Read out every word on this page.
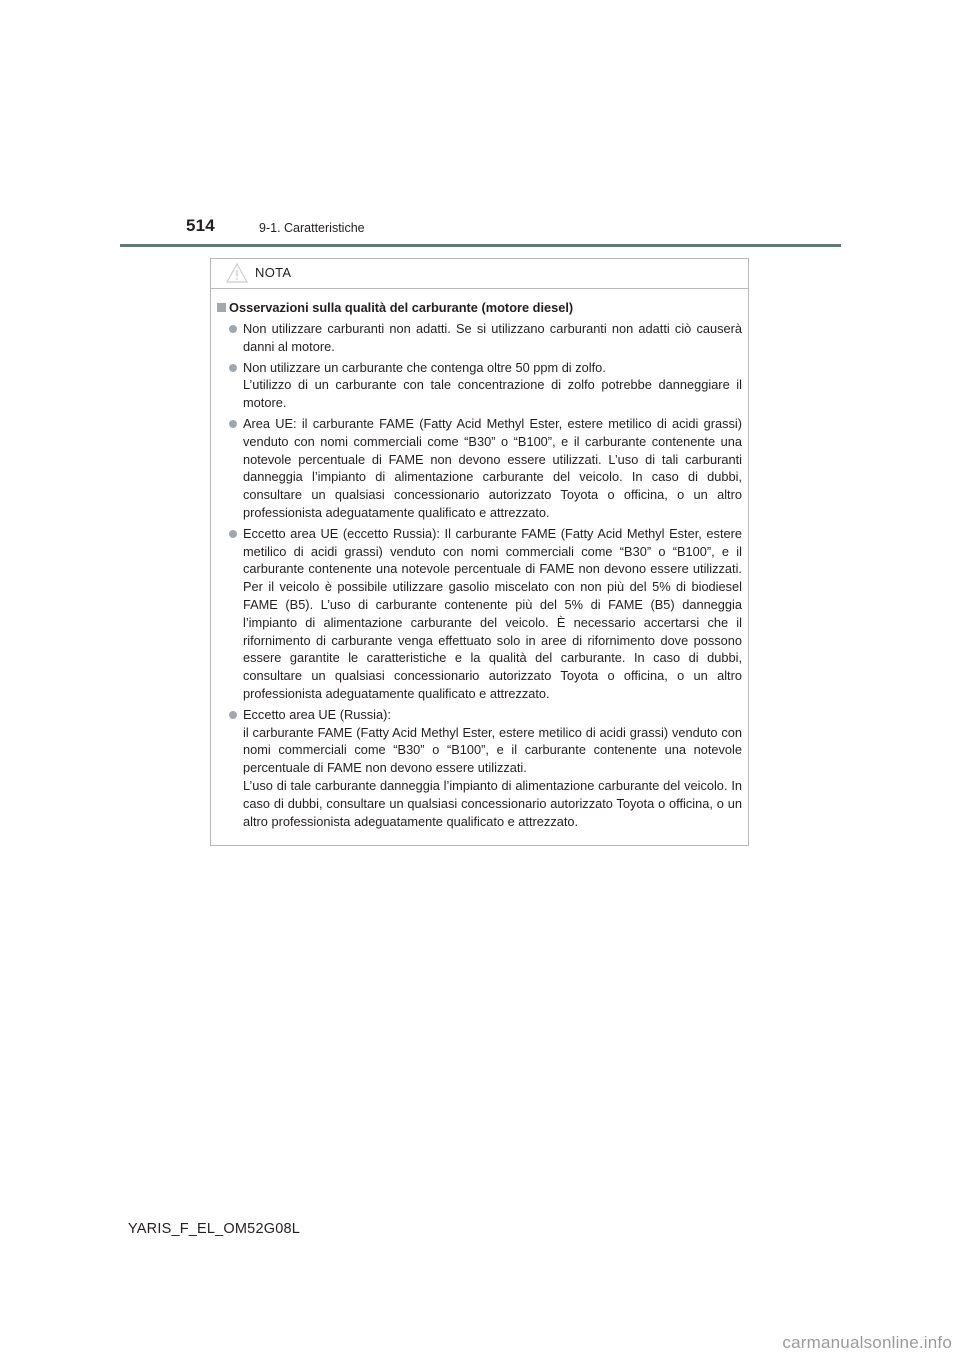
514	9-1. Caratteristiche
NOTA
Osservazioni sulla qualità del carburante (motore diesel)

Non utilizzare carburanti non adatti. Se si utilizzano carburanti non adatti ciò causerà danni al motore.

Non utilizzare un carburante che contenga oltre 50 ppm di zolfo.

L’utilizzo di un carburante con tale concentrazione di zolfo potrebbe danneggiare il motore.

Area UE: il carburante FAME (Fatty Acid Methyl Ester, estere metilico di acidi grassi) venduto con nomi commerciali come “B30” o “B100”, e il carburante contenente una notevole percentuale di FAME non devono essere utilizzati. L’uso di tali carburanti danneggia l’impianto di alimentazione carburante del veicolo. In caso di dubbi, consultare un qualsiasi concessionario autorizzato Toyota o officina, o un altro professionista adeguatamente qualificato e attrezzato.

Eccetto area UE (eccetto Russia): Il carburante FAME (Fatty Acid Methyl Ester, estere metilico di acidi grassi) venduto con nomi commerciali come “B30” o “B100”, e il carburante contenente una notevole percentuale di FAME non devono essere utilizzati. Per il veicolo è possibile utilizzare gasolio miscelato con non più del 5% di biodiesel FAME (B5). L’uso di carburante contenente più del 5% di FAME (B5) danneggia l’impianto di alimentazione carburante del veicolo. È necessario accertarsi che il rifornimento di carburante venga effettuato solo in aree di rifornimento dove possono essere garantite le caratteristiche e la qualità del carburante. In caso di dubbi, consultare un qualsiasi concessionario autorizzato Toyota o officina, o un altro professionista adeguatamente qualificato e attrezzato.

Eccetto area UE (Russia):

il carburante FAME (Fatty Acid Methyl Ester, estere metilico di acidi grassi) venduto con nomi commerciali come “B30” o “B100”, e il carburante contenente una notevole percentuale di FAME non devono essere utilizzati.

L’uso di tale carburante danneggia l’impianto di alimentazione carburante del veicolo. In caso di dubbi, consultare un qualsiasi concessionario autorizzato Toyota o officina, o un altro professionista adeguatamente qualificato e attrezzato.

YARIS_F_EL_OM52G08L
carmanualsonline.info
